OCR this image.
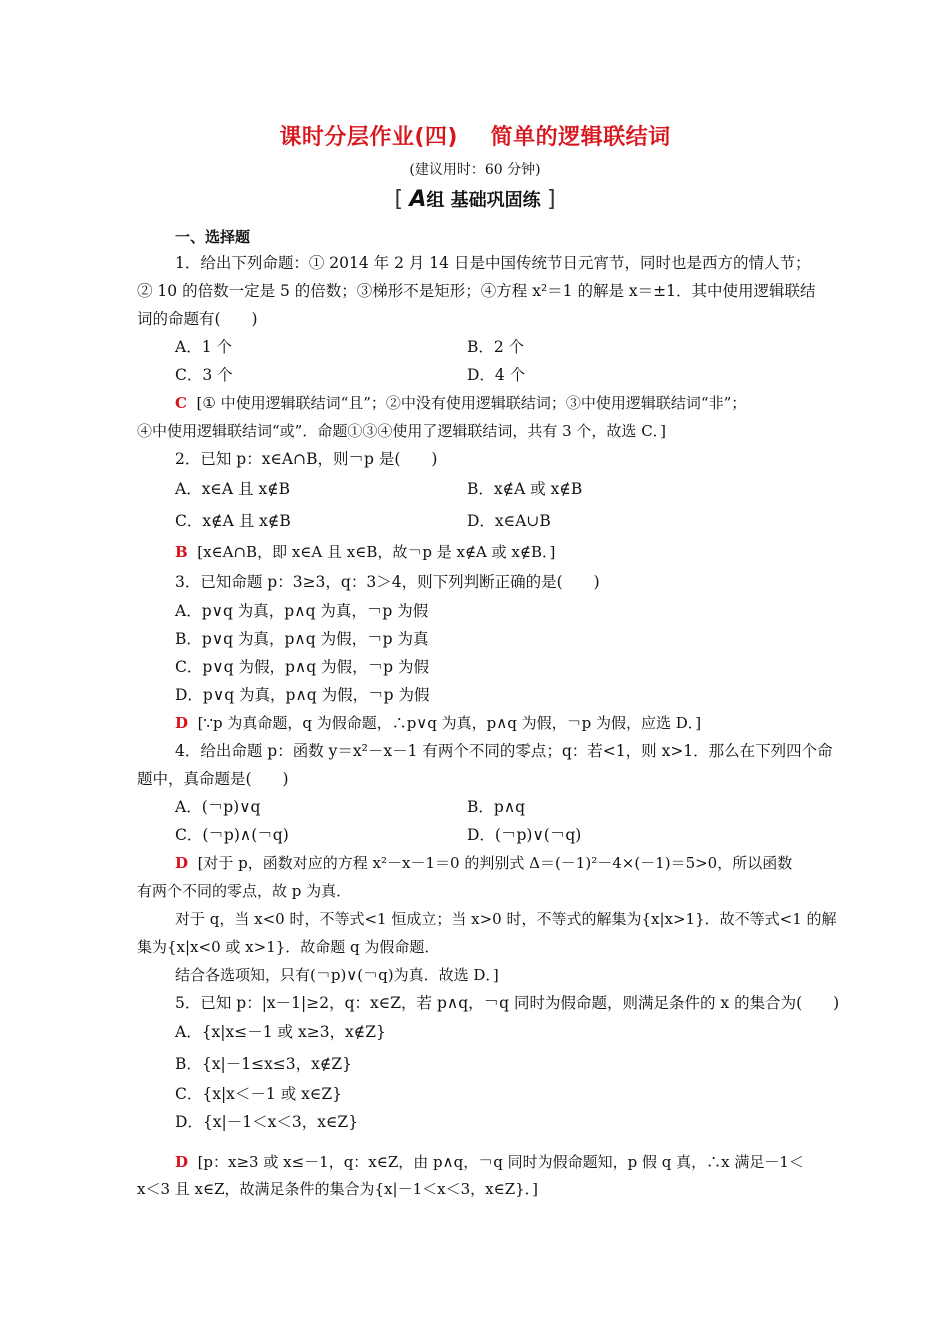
课时分层作业(四)    简单的逻辑联结词
(建议用时：60 分钟)
[ A组 基础巩固练 ]
一、选择题
1．给出下列命题：① 2014 年 2 月 14 日是中国传统节日元宵节，同时也是西方的情人节；
② 10 的倍数一定是 5 的倍数；③梯形不是矩形；④方程 x²＝1 的解是 x＝±1．其中使用逻辑联结
词的命题有(　　)
A．1 个	B．2 个
C．3 个	D．4 个
C [① 中使用逻辑联结词“且”；②中没有使用逻辑联结词；③中使用逻辑联结词“非”；
④中使用逻辑联结词“或”．命题①③④使用了逻辑联结词，共有 3 个，故选 C．]
2．已知 p：x∈A∩B，则￢p 是(　　)
A．x∈A 且 x∉B	B．x∉A 或 x∉B
C．x∉A 且 x∉B	D．x∈A∪B
B [x∈A∩B，即 x∈A 且 x∈B，故￢p 是 x∉A 或 x∉B．]
3．已知命题 p：3≥3，q：3＞4，则下列判断正确的是(　　)
A．p∨q 为真，p∧q 为真，￢p 为假
B．p∨q 为真，p∧q 为假，￢p 为真
C．p∨q 为假，p∧q 为假，￢p 为假
D．p∨q 为真，p∧q 为假，￢p 为假
D [∵p 为真命题，q 为假命题，∴p∨q 为真，p∧q 为假，￢p 为假，应选 D．]
4．给出命题 p：函数 y＝x²－x－1 有两个不同的零点；q：若<1，则 x>1．那么在下列四个命
题中，真命题是(　　)
A．(￢p)∨q	B．p∧q
C．(￢p)∧(￢q)	D．(￢p)∨(￢q)
D [对于 p，函数对应的方程 x²－x－1＝0 的判别式 Δ＝(－1)²－4×(－1)＝5>0，所以函数
有两个不同的零点，故 p 为真．
对于 q，当 x<0 时，不等式<1 恒成立；当 x>0 时，不等式的解集为{x|x>1}．故不等式<1 的解
集为{x|x<0 或 x>1}．故命题 q 为假命题．
结合各选项知，只有(￢p)∨(￢q)为真．故选 D．]
5．已知 p：|x－1|≥2，q：x∈Z，若 p∧q，￢q 同时为假命题，则满足条件的 x 的集合为(　　)
A．{x|x≤－1 或 x≥3，x∉Z}
B．{x|－1≤x≤3，x∉Z}
C．{x|x＜－1 或 x∈Z}
D．{x|－1＜x＜3，x∈Z}
D [p：x≥3 或 x≤－1，q：x∈Z，由 p∧q，￢q 同时为假命题知，p 假 q 真，∴x 满足－1＜
x＜3 且 x∈Z，故满足条件的集合为{x|－1＜x＜3，x∈Z}．]
